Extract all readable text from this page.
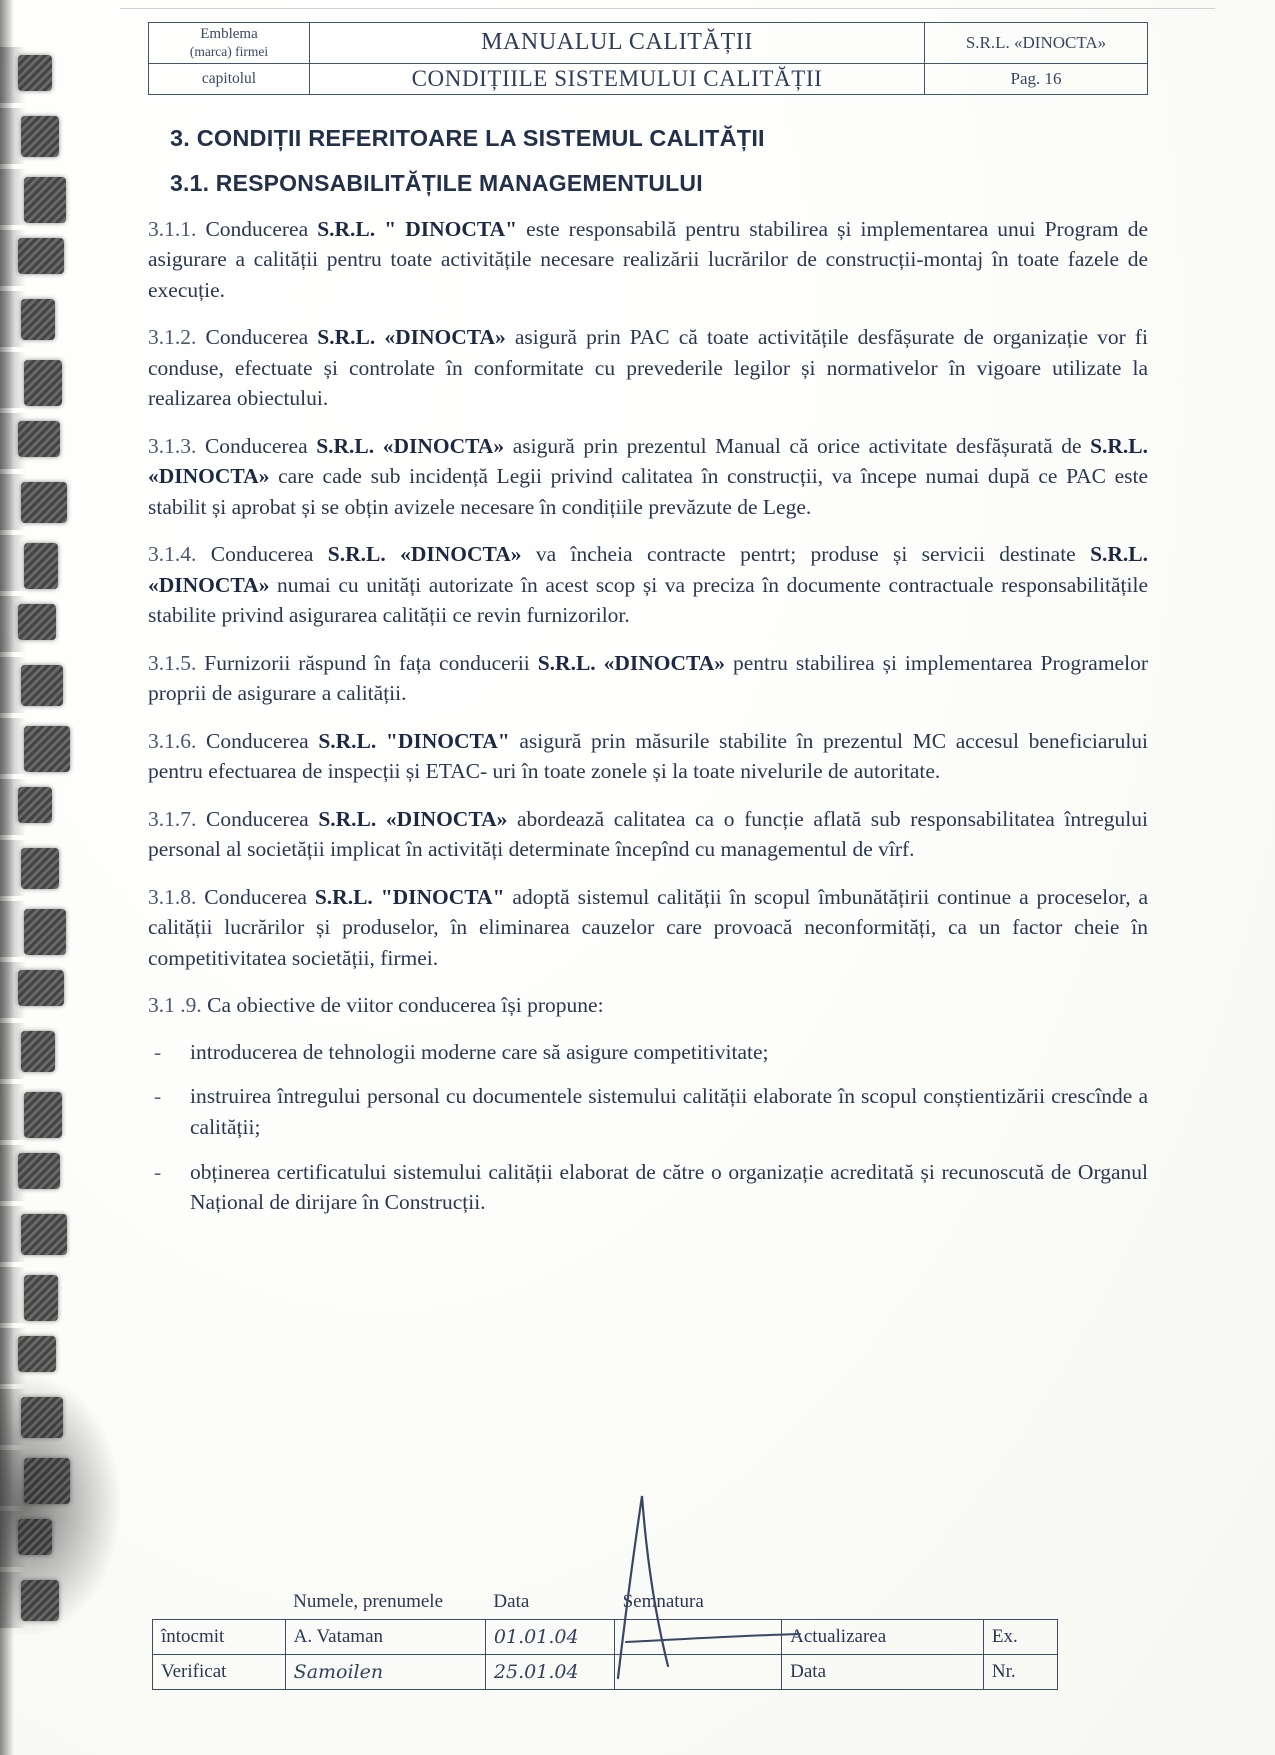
Emblema
(marca) firmei	MANUALUL CALITĂȚII	S.R.L. «DINOCTA»
capitolul	CONDIȚIILE SISTEMULUI CALITĂȚII	Pag. 16
3. CONDIȚII REFERITOARE LA SISTEMUL CALITĂȚII
3.1. RESPONSABILITĂȚILE MANAGEMENTULUI

3.1.1. Conducerea S.R.L. " DINOCTA" este responsabilă pentru stabilirea și implementarea unui Program de asigurare a calității pentru toate activitățile necesare realizării lucrărilor de construcții-montaj în toate fazele de execuție.

3.1.2. Conducerea S.R.L. «DINOCTA» asigură prin PAC că toate activitățile desfășurate de organizație vor fi conduse, efectuate și controlate în conformitate cu prevederile legilor și normativelor în vigoare utilizate la realizarea obiectului.

3.1.3. Conducerea S.R.L. «DINOCTA» asigură prin prezentul Manual că orice activitate desfășurată de S.R.L. «DINOCTA» care cade sub incidență Legii privind calitatea în construcții, va începe numai după ce PAC este stabilit și aprobat și se obțin avizele necesare în condițiile prevăzute de Lege.

3.1.4. Conducerea S.R.L. «DINOCTA» va încheia contracte pentrt; produse și servicii destinate S.R.L. «DINOCTA» numai cu unități autorizate în acest scop și va preciza în documente contractuale responsabilitățile stabilite privind asigurarea calității ce revin furnizorilor.

3.1.5. Furnizorii răspund în fața conducerii S.R.L. «DINOCTA» pentru stabilirea și implementarea Programelor proprii de asigurare a calității.

3.1.6. Conducerea S.R.L. "DINOCTA" asigură prin măsurile stabilite în prezentul MC accesul beneficiarului pentru efectuarea de inspecții și ETAC- uri în toate zonele și la toate nivelurile de autoritate.

3.1.7. Conducerea S.R.L. «DINOCTA» abordează calitatea ca o funcție aflată sub responsabilitatea întregului personal al societății implicat în activități determinate începînd cu managementul de vîrf.

3.1.8. Conducerea S.R.L. "DINOCTA" adoptă sistemul calității în scopul îmbunătățirii continue a proceselor, a calității lucrărilor și produselor, în eliminarea cauzelor care provoacă neconformități, ca un factor cheie în competitivitatea societății, firmei.

3.1 .9. Ca obiective de viitor conducerea își propune:

- introducerea de tehnologii moderne care să asigure competitivitate;
- instruirea întregului personal cu documentele sistemului calității elaborate în scopul conștientizării crescînde a calității;
- obținerea certificatului sistemului calității elaborat de către o organizație acreditată și recunoscută de Organul Național de dirijare în Construcții.
	Numele, prenumele	Data	Semnatura		
întocmit	A. Vataman	01.01.04		Actualizarea	Ex.
Verificat	Samoilen	25.01.04		Data	Nr.
